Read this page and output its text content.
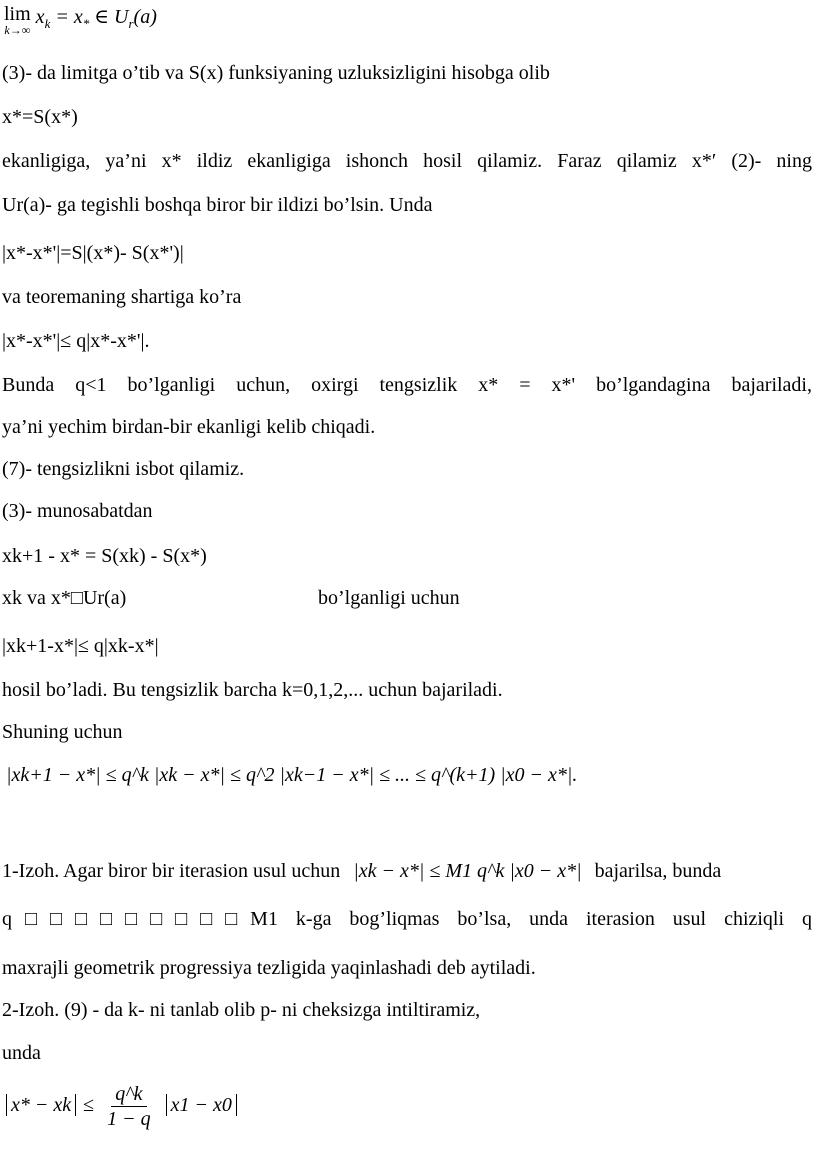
lim
k→∞
$x_k = x_*$ ∈ $U_r(a)$
(3)- da limitga o’tib va S(x) funksiyaning uzluksizligini hisobga olib
x*=S(x*)
ekanligiga, ya’ni x* ildiz ekanligiga ishonch hosil qilamiz. Faraz qilamiz x*′ (2)- ning
Ur(a)- ga tegishli boshqa biror bir ildizi bo’lsin. Unda
|x*-x*'|=S|(x*)- S(x*')|
va teoremaning shartiga ko’ra
|x*-x*'|≤ q|x*-x*'|.
Bunda q<1 bo’lganligi uchun, oxirgi tengsizlik x* = x*' bo’lgandagina bajariladi,
ya’ni yechim birdan-bir ekanligi kelib chiqadi.
(7)- tengsizlikni isbot qilamiz.
(3)- munosabatdan
xk+1 - x* = S(xk) - S(x*)
xk va x*□Ur(a)	bo’lganligi uchun
|xk+1-x*|≤ q|xk-x*|
hosil bo’ladi. Bu tengsizlik barcha k=0,1,2,... uchun bajariladi.
Shuning uchun
|xk+1 − x*| ≤ q^k |xk − x*| ≤ q^2 |xk−1 − x*| ≤ ... ≤ q^(k+1) |x0 − x*|.
1-Izoh. Agar biror bir iterasion usul uchun |xk − x*| ≤ M1 q^k |x0 − x*| bajarilsa, bunda
q□□□□□□□□□M1 k-ga bog’liqmas bo’lsa, unda iterasion usul chiziqli q
maxrajli geometrik progressiya tezligida yaqinlashadi deb aytiladi.
2-Izoh. (9) - da k- ni tanlab olib p- ni cheksizga intiltiramiz,
unda
x* − xk ≤ $\frac{q\^{}k}{1 - q} x1 - x0$
